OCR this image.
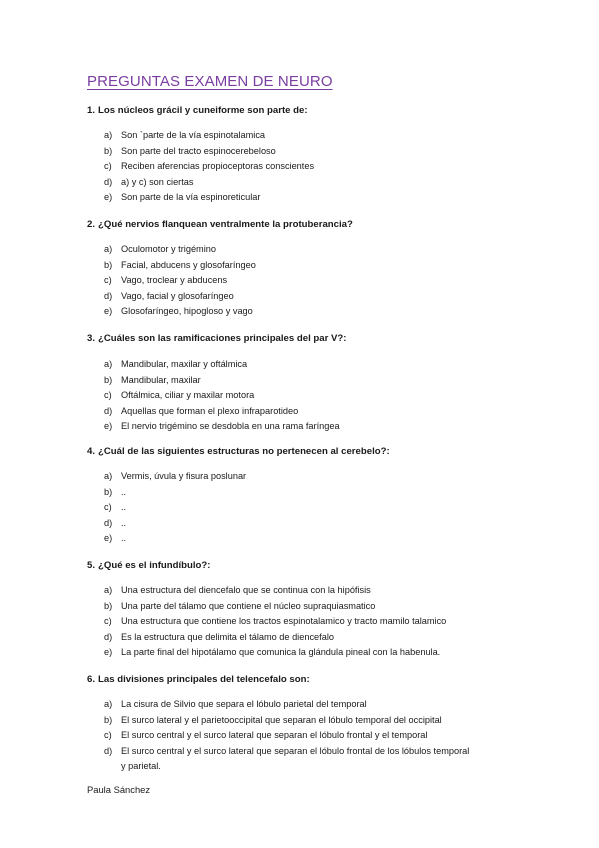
PREGUNTAS EXAMEN DE NEURO
1. Los núcleos grácil y cuneiforme son parte de:
a) Son `parte de la vía espinotalamica
b) Son parte del tracto espinocerebeloso
c) Reciben aferencias propioceptoras conscientes
d) a) y c) son ciertas
e) Son parte de la vía espinoreticular
2. ¿Qué nervios flanquean ventralmente la protuberancia?
a) Oculomotor y trigémino
b) Facial, abducens y glosofaríngeo
c) Vago, troclear y abducens
d) Vago, facial y glosofaríngeo
e) Glosofaríngeo, hipogloso y vago
3. ¿Cuáles son las ramificaciones principales del par V?:
a) Mandibular, maxilar y oftálmica
b) Mandibular, maxilar
c) Oftálmica, ciliar y maxilar motora
d) Aquellas que forman el plexo infraparotideo
e) El nervio trigémino se desdobla en una rama faríngea
4. ¿Cuál de las siguientes estructuras no pertenecen al cerebelo?:
a) Vermis, úvula y fisura poslunar
b) ..
c) ..
d) ..
e) ..
5. ¿Qué es el infundíbulo?:
a) Una estructura del diencefalo que se continua con la hipófisis
b) Una parte del tálamo que contiene el núcleo supraquiasmatico
c) Una estructura que contiene los tractos espinotalamico y tracto mamilo talamico
d) Es la estructura que delimita el tálamo de diencefalo
e) La parte final del hipotálamo que comunica la glándula pineal con la habenula.
6. Las divisiones principales del telencefalo son:
a) La cisura de Silvio que separa el lóbulo parietal del temporal
b) El surco lateral y el parietooccipital que separan el lóbulo temporal del occipital
c) El surco central y el surco lateral que separan el lóbulo frontal y el temporal
d) El surco central y el surco lateral que separan el lóbulo frontal de los lóbulos temporal
y parietal.
Paula Sánchez
